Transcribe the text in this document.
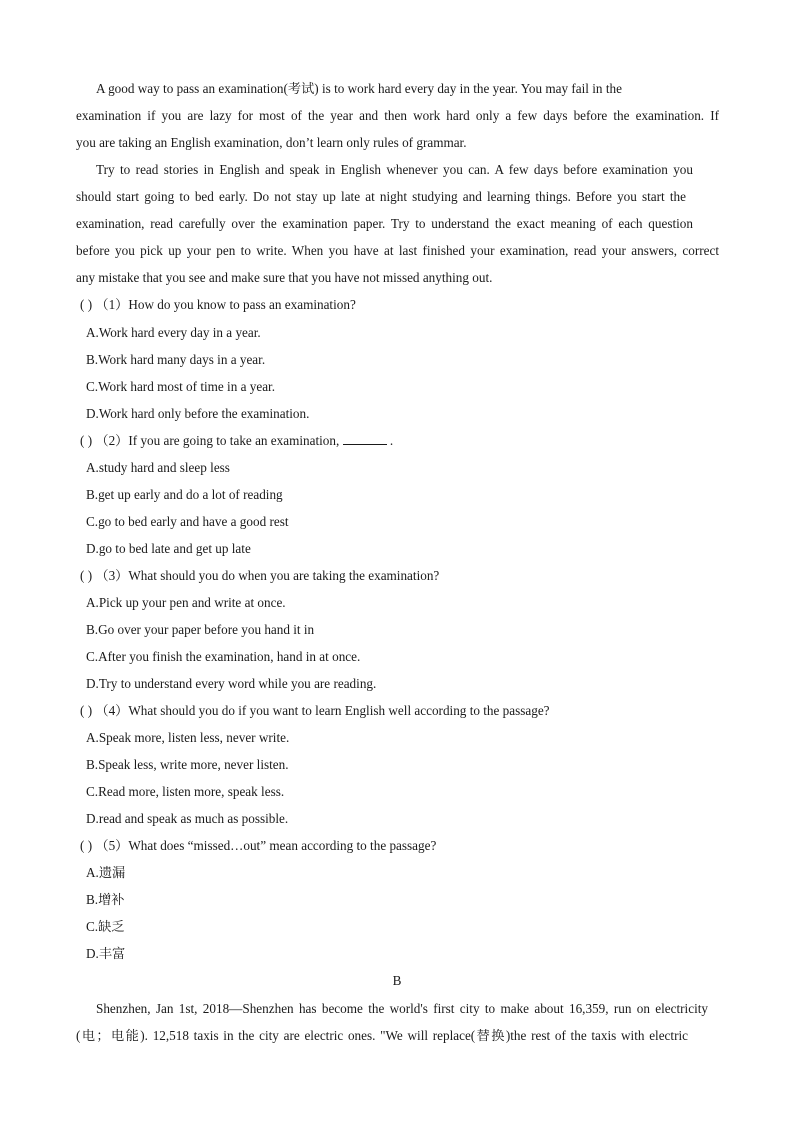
A good way to pass an examination(考试) is to work hard every day in the year. You may fail in the
examination if you are lazy for most of the year and then work hard only a few days before the examination. If
you are taking an English examination, don’t learn only rules of grammar.
Try to read stories in English and speak in English whenever you can. A few days before examination you
should start going to bed early. Do not stay up late at night studying and learning things. Before you start the
examination, read carefully over the examination paper. Try to understand the exact meaning of each question
before you pick up your pen to write. When you have at last finished your examination, read your answers, correct
any mistake that you see and make sure that you have not missed anything out.
( ) （1）How do you know to pass an examination?
A.Work hard every day in a year.
B.Work hard many days in a year.
C.Work hard most of time in a year.
D.Work hard only before the examination.
( ) （2）If you are going to take an examination,	.
A.study hard and sleep less
B.get up early and do a lot of reading
C.go to bed early and have a good rest
D.go to bed late and get up late
( ) （3）What should you do when you are taking the examination?
A.Pick up your pen and write at once.
B.Go over your paper before you hand it in
C.After you finish the examination, hand in at once.
D.Try to understand every word while you are reading.
( ) （4）What should you do if you want to learn English well according to the passage?
A.Speak more, listen less, never write.
B.Speak less, write more, never listen.
C.Read more, listen more, speak less.
D.read and speak as much as possible.
( ) （5）What does “missed…out” mean according to the passage?
A.遗漏
B.增补
C.缺乏
D.丰富
B
Shenzhen, Jan 1st, 2018—Shenzhen has become the world's first city to make about 16,359, run on electricity
(电；电能). 12,518 taxis in the city are electric ones. "We will replace(替换)the rest of the taxis with electric
